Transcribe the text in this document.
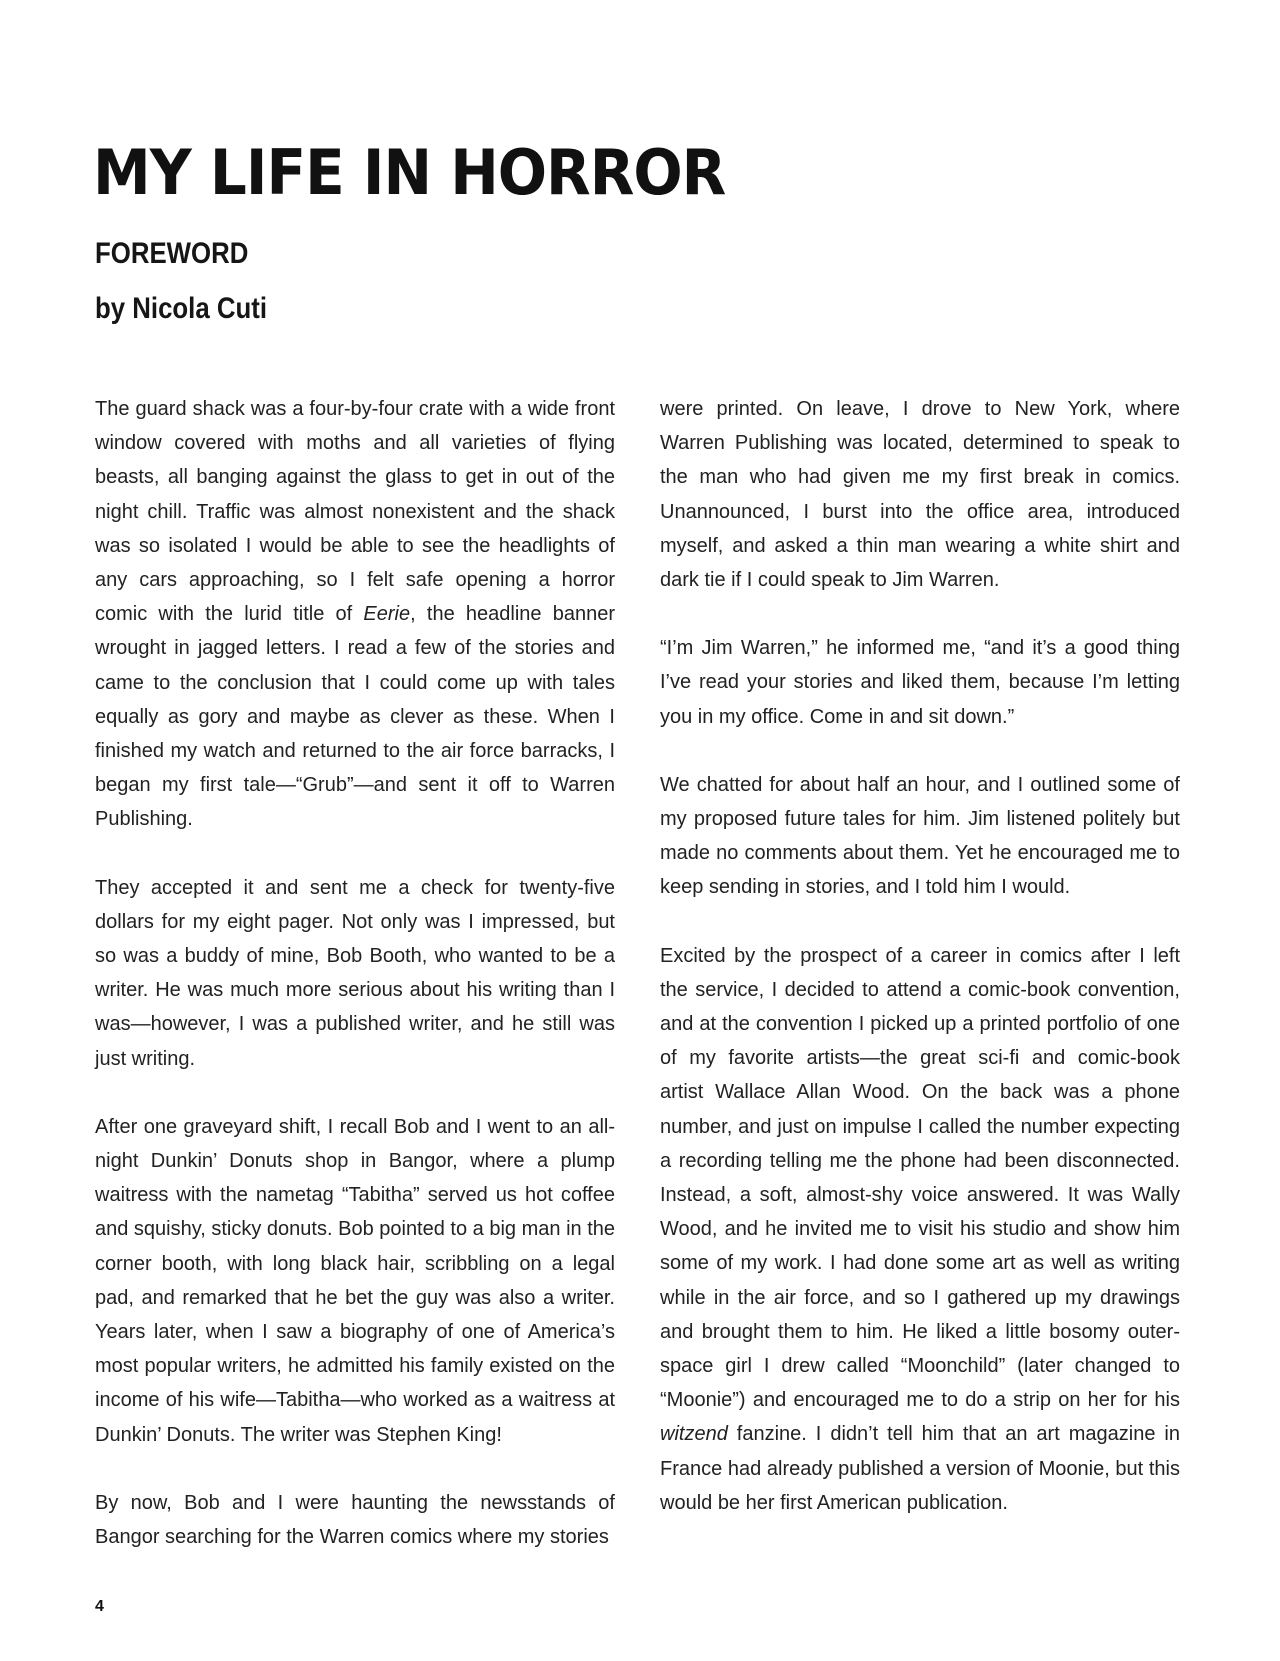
MY LIFE IN HORROR
FOREWORD
by Nicola Cuti

The guard shack was a four-by-four crate with a wide front window covered with moths and all varieties of flying beasts, all banging against the glass to get in out of the night chill. Traffic was almost nonexistent and the shack was so isolated I would be able to see the headlights of any cars approaching, so I felt safe opening a horror comic with the lurid title of Eerie, the headline banner wrought in jagged letters. I read a few of the stories and came to the conclusion that I could come up with tales equally as gory and maybe as clever as these. When I finished my watch and returned to the air force barracks, I began my first tale—“Grub”—and sent it off to Warren Publishing.

They accepted it and sent me a check for twenty-five dollars for my eight pager. Not only was I impressed, but so was a buddy of mine, Bob Booth, who wanted to be a writer. He was much more serious about his writing than I was—however, I was a published writer, and he still was just writing.

After one graveyard shift, I recall Bob and I went to an all-night Dunkin’ Donuts shop in Bangor, where a plump waitress with the nametag “Tabitha” served us hot coffee and squishy, sticky donuts. Bob pointed to a big man in the corner booth, with long black hair, scribbling on a legal pad, and remarked that he bet the guy was also a writer. Years later, when I saw a biography of one of America’s most popular writers, he admitted his family existed on the income of his wife—Tabitha—who worked as a waitress at Dunkin’ Donuts. The writer was Stephen King!

By now, Bob and I were haunting the newsstands of Bangor searching for the Warren comics where my stories

were printed. On leave, I drove to New York, where Warren Publishing was located, determined to speak to the man who had given me my first break in comics. Unannounced, I burst into the office area, introduced myself, and asked a thin man wearing a white shirt and dark tie if I could speak to Jim Warren.

“I’m Jim Warren,” he informed me, “and it’s a good thing I’ve read your stories and liked them, because I’m letting you in my office. Come in and sit down.”

We chatted for about half an hour, and I outlined some of my proposed future tales for him. Jim listened politely but made no comments about them. Yet he encouraged me to keep sending in stories, and I told him I would.

Excited by the prospect of a career in comics after I left the service, I decided to attend a comic-book convention, and at the convention I picked up a printed portfolio of one of my favorite artists—the great sci-fi and comic-book artist Wallace Allan Wood. On the back was a phone number, and just on impulse I called the number expecting a recording telling me the phone had been disconnected. Instead, a soft, almost-shy voice answered. It was Wally Wood, and he invited me to visit his studio and show him some of my work. I had done some art as well as writing while in the air force, and so I gathered up my drawings and brought them to him. He liked a little bosomy outer-space girl I drew called “Moonchild” (later changed to “Moonie”) and encouraged me to do a strip on her for his witzend fanzine. I didn’t tell him that an art magazine in France had already published a version of Moonie, but this would be her first American publication.

4
